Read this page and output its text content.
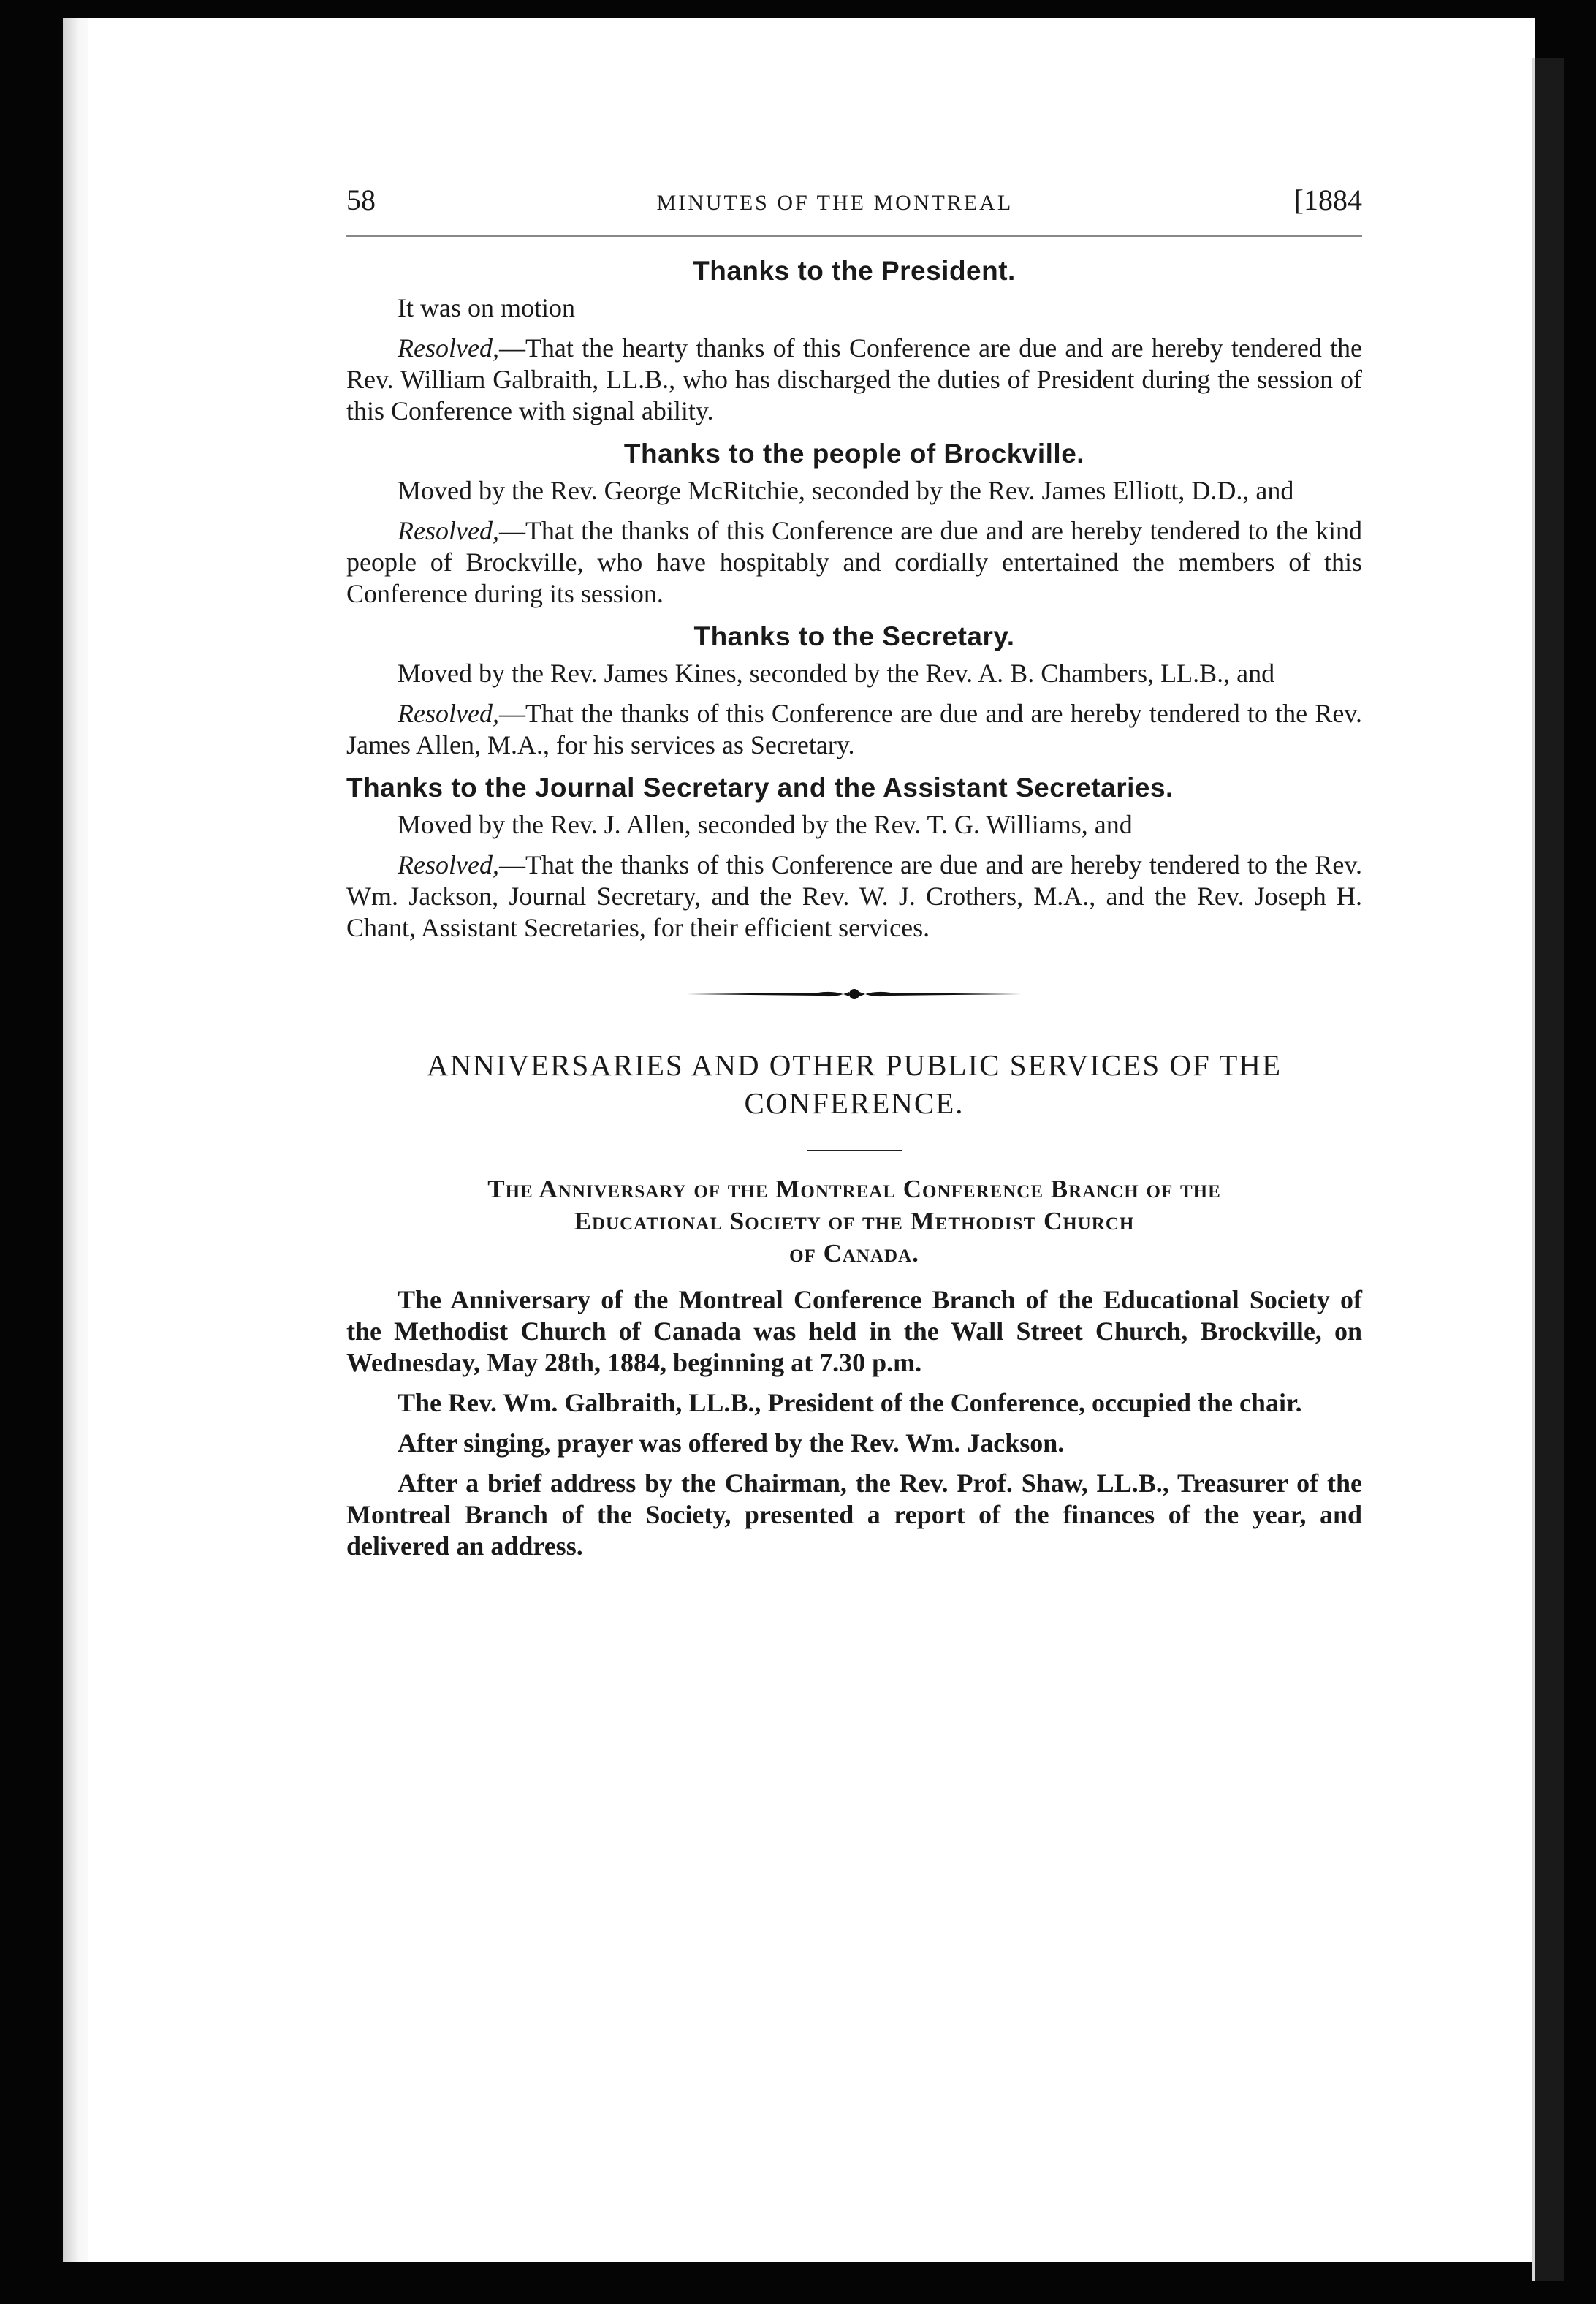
58	MINUTES OF THE MONTREAL	[1884
Thanks to the President.

It was on motion

Resolved,—That the hearty thanks of this Conference are due and are hereby tendered the Rev. William Galbraith, LL.B., who has discharged the duties of President during the session of this Conference with signal ability.

Thanks to the people of Brockville.

Moved by the Rev. George McRitchie, seconded by the Rev. James Elliott, D.D., and

Resolved,—That the thanks of this Conference are due and are hereby tendered to the kind people of Brockville, who have hospitably and cordially entertained the members of this Conference during its session.

Thanks to the Secretary.

Moved by the Rev. James Kines, seconded by the Rev. A. B. Chambers, LL.B., and

Resolved,—That the thanks of this Conference are due and are hereby tendered to the Rev. James Allen, M.A., for his services as Secretary.

Thanks to the Journal Secretary and the Assistant Secretaries.

Moved by the Rev. J. Allen, seconded by the Rev. T. G. Williams, and

Resolved,—That the thanks of this Conference are due and are hereby tendered to the Rev. Wm. Jackson, Journal Secretary, and the Rev. W. J. Crothers, M.A., and the Rev. Joseph H. Chant, Assistant Secretaries, for their efficient services.

ANNIVERSARIES AND OTHER PUBLIC SERVICES OF THE

CONFERENCE.

The Anniversary of the Montreal Conference Branch of the
Educational Society of the Methodist Church
of Canada.

The Anniversary of the Montreal Conference Branch of the Educational Society of the Methodist Church of Canada was held in the Wall Street Church, Brockville, on Wednesday, May 28th, 1884, beginning at 7.30 p.m.

The Rev. Wm. Galbraith, LL.B., President of the Conference, occupied the chair.

After singing, prayer was offered by the Rev. Wm. Jackson.

After a brief address by the Chairman, the Rev. Prof. Shaw, LL.B., Treasurer of the Montreal Branch of the Society, presented a report of the finances of the year, and delivered an address.
